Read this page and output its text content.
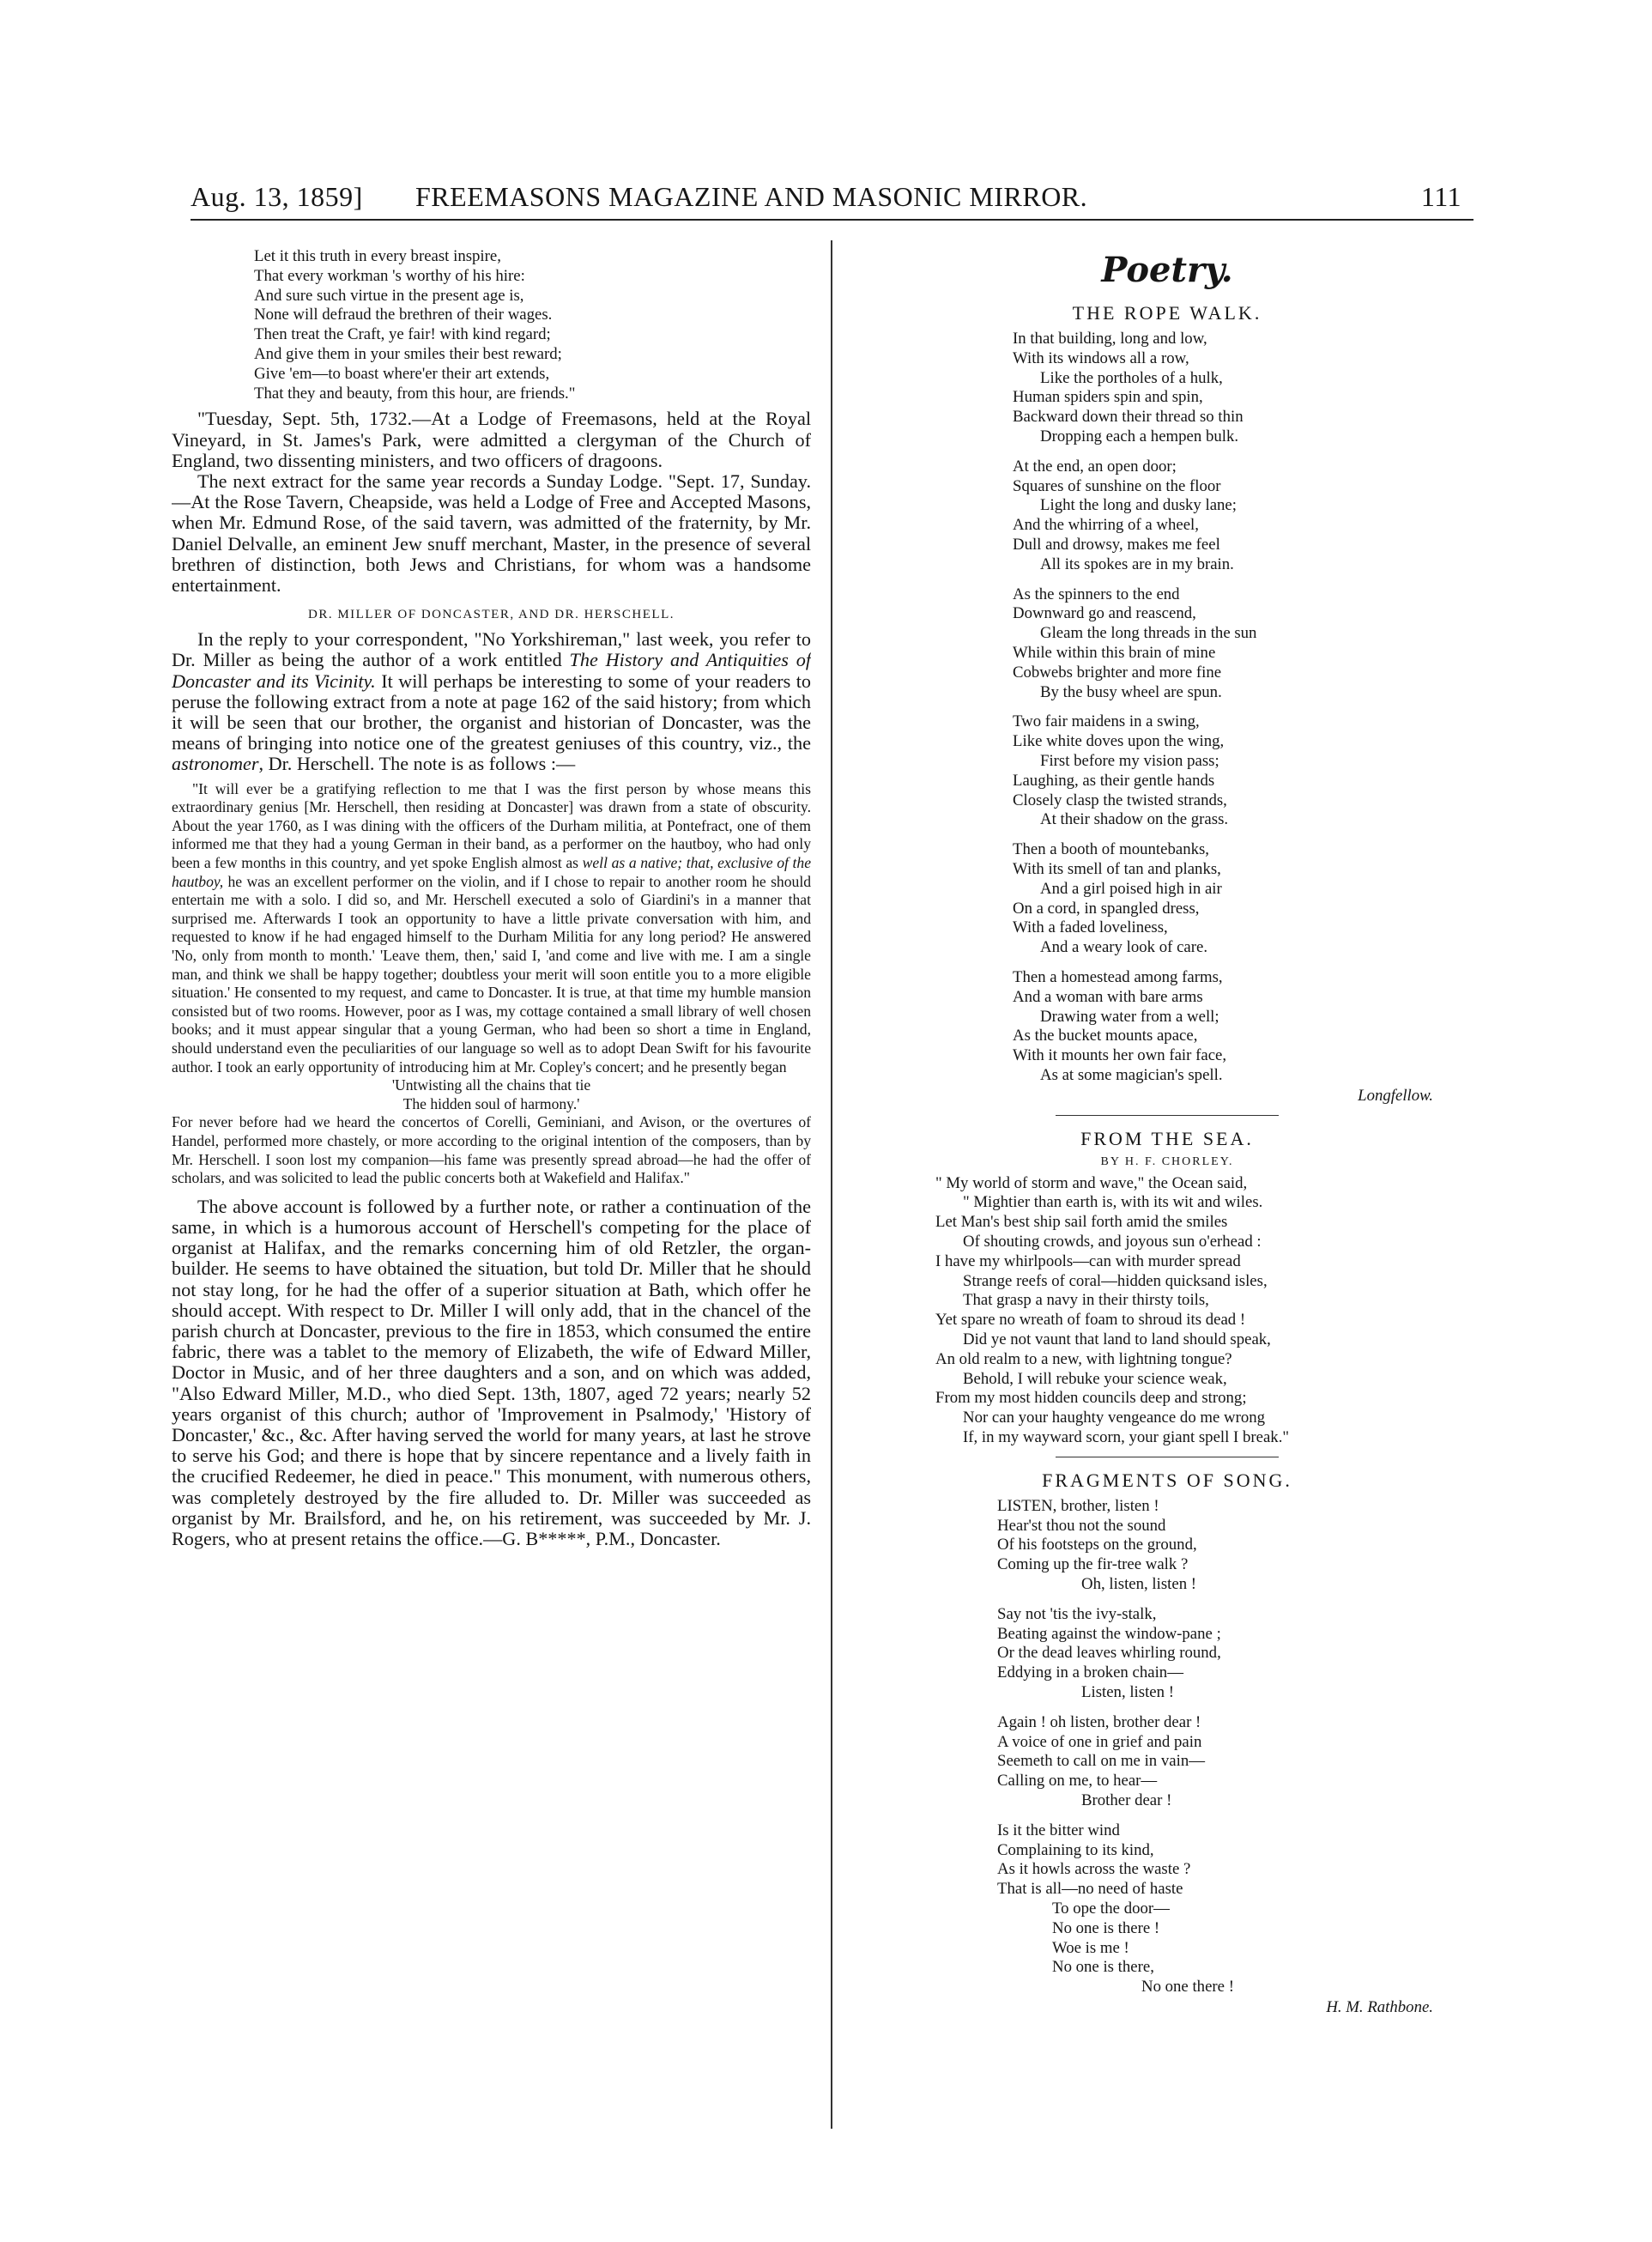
Aug. 13, 1859] FREEMASONS MAGAZINE AND MASONIC MIRROR.	111
Let it this truth in every breast inspire,
That every workman 's worthy of his hire:
And sure such virtue in the present age is,
None will defraud the brethren of their wages.
Then treat the Craft, ye fair! with kind regard;
And give them in your smiles their best reward;
Give 'em—to boast where'er their art extends,
That they and beauty, from this hour, are friends."

"Tuesday, Sept. 5th, 1732.—At a Lodge of Freemasons, held at the Royal Vineyard, in St. James's Park, were admitted a clergyman of the Church of England, two dissenting ministers, and two officers of dragoons.

The next extract for the same year records a Sunday Lodge. "Sept. 17, Sunday.—At the Rose Tavern, Cheapside, was held a Lodge of Free and Accepted Masons, when Mr. Edmund Rose, of the said tavern, was admitted of the fraternity, by Mr. Daniel Delvalle, an eminent Jew snuff merchant, Master, in the presence of several brethren of distinction, both Jews and Christians, for whom was a handsome entertainment.

DR. MILLER OF DONCASTER, AND DR. HERSCHELL.

In the reply to your correspondent, "No Yorkshireman," last week, you refer to Dr. Miller as being the author of a work entitled The History and Antiquities of Doncaster and its Vicinity. It will perhaps be interesting to some of your readers to peruse the following extract from a note at page 162 of the said history; from which it will be seen that our brother, the organist and historian of Doncaster, was the means of bringing into notice one of the greatest geniuses of this country, viz., the astronomer, Dr. Herschell. The note is as follows :—

"It will ever be a gratifying reflection to me that I was the first person by whose means this extraordinary genius [Mr. Herschell, then residing at Doncaster] was drawn from a state of obscurity. About the year 1760, as I was dining with the officers of the Durham militia, at Pontefract, one of them informed me that they had a young German in their band, as a performer on the hautboy, who had only been a few months in this country, and yet spoke English almost as well as a native; that, exclusive of the hautboy, he was an excellent performer on the violin, and if I chose to repair to another room he should entertain me with a solo. I did so, and Mr. Herschell executed a solo of Giardini's in a manner that surprised me. Afterwards I took an opportunity to have a little private conversation with him, and requested to know if he had engaged himself to the Durham Militia for any long period? He answered 'No, only from month to month.' 'Leave them, then,' said I, 'and come and live with me. I am a single man, and think we shall be happy together; doubtless your merit will soon entitle you to a more eligible situation.' He consented to my request, and came to Doncaster. It is true, at that time my humble mansion consisted but of two rooms. However, poor as I was, my cottage contained a small library of well chosen books; and it must appear singular that a young German, who had been so short a time in England, should understand even the peculiarities of our language so well as to adopt Dean Swift for his favourite author. I took an early opportunity of introducing him at Mr. Copley's concert; and he presently began

'Untwisting all the chains that tie
The hidden soul of harmony.'

For never before had we heard the concertos of Corelli, Geminiani, and Avison, or the overtures of Handel, performed more chastely, or more according to the original intention of the composers, than by Mr. Herschell. I soon lost my companion—his fame was presently spread abroad—he had the offer of scholars, and was solicited to lead the public concerts both at Wakefield and Halifax."

The above account is followed by a further note, or rather a continuation of the same, in which is a humorous account of Herschell's competing for the place of organist at Halifax, and the remarks concerning him of old Retzler, the organ-builder. He seems to have obtained the situation, but told Dr. Miller that he should not stay long, for he had the offer of a superior situation at Bath, which offer he should accept. With respect to Dr. Miller I will only add, that in the chancel of the parish church at Doncaster, previous to the fire in 1853, which consumed the entire fabric, there was a tablet to the memory of Elizabeth, the wife of Edward Miller, Doctor in Music, and of her three daughters and a son, and on which was added, "Also Edward Miller, M.D., who died Sept. 13th, 1807, aged 72 years; nearly 52 years organist of this church; author of 'Improvement in Psalmody,' 'History of Doncaster,' &c., &c. After having served the world for many years, at last he strove to serve his God; and there is hope that by sincere repentance and a lively faith in the crucified Redeemer, he died in peace." This monument, with numerous others, was completely destroyed by the fire alluded to. Dr. Miller was succeeded as organist by Mr. Brailsford, and he, on his retirement, was succeeded by Mr. J. Rogers, who at present retains the office.—G. B*****, P.M., Doncaster.

Poetry.
THE ROPE WALK.
In that building, long and low,
With its windows all a row,
Like the portholes of a hulk,
Human spiders spin and spin,
Backward down their thread so thin
Dropping each a hempen bulk.
At the end, an open door;
Squares of sunshine on the floor
Light the long and dusky lane;
And the whirring of a wheel,
Dull and drowsy, makes me feel
All its spokes are in my brain.
As the spinners to the end
Downward go and reascend,
Gleam the long threads in the sun
While within this brain of mine
Cobwebs brighter and more fine
By the busy wheel are spun.
Two fair maidens in a swing,
Like white doves upon the wing,
First before my vision pass;
Laughing, as their gentle hands
Closely clasp the twisted strands,
At their shadow on the grass.
Then a booth of mountebanks,
With its smell of tan and planks,
And a girl poised high in air
On a cord, in spangled dress,
With a faded loveliness,
And a weary look of care.
Then a homestead among farms,
And a woman with bare arms
Drawing water from a well;
As the bucket mounts apace,
With it mounts her own fair face,
As at some magician's spell.
Longfellow.
FROM THE SEA.
BY H. F. CHORLEY.
" My world of storm and wave," the Ocean said,
" Mightier than earth is, with its wit and wiles.
Let Man's best ship sail forth amid the smiles
Of shouting crowds, and joyous sun o'erhead :
I have my whirlpools—can with murder spread
Strange reefs of coral—hidden quicksand isles,
That grasp a navy in their thirsty toils,
Yet spare no wreath of foam to shroud its dead !
Did ye not vaunt that land to land should speak,
An old realm to a new, with lightning tongue?
Behold, I will rebuke your science weak,
From my most hidden councils deep and strong;
Nor can your haughty vengeance do me wrong
If, in my wayward scorn, your giant spell I break."
FRAGMENTS OF SONG.
LISTEN, brother, listen !
Hear'st thou not the sound
Of his footsteps on the ground,
Coming up the fir-tree walk ?
Oh, listen, listen !
Say not 'tis the ivy-stalk,
Beating against the window-pane ;
Or the dead leaves whirling round,
Eddying in a broken chain—
Listen, listen !
Again ! oh listen, brother dear !
A voice of one in grief and pain
Seemeth to call on me in vain—
Calling on me, to hear—
Brother dear !
Is it the bitter wind
Complaining to its kind,
As it howls across the waste ?
That is all—no need of haste
To ope the door—
No one is there !
Woe is me !
No one is there,
No one there !
H. M. Rathbone.
